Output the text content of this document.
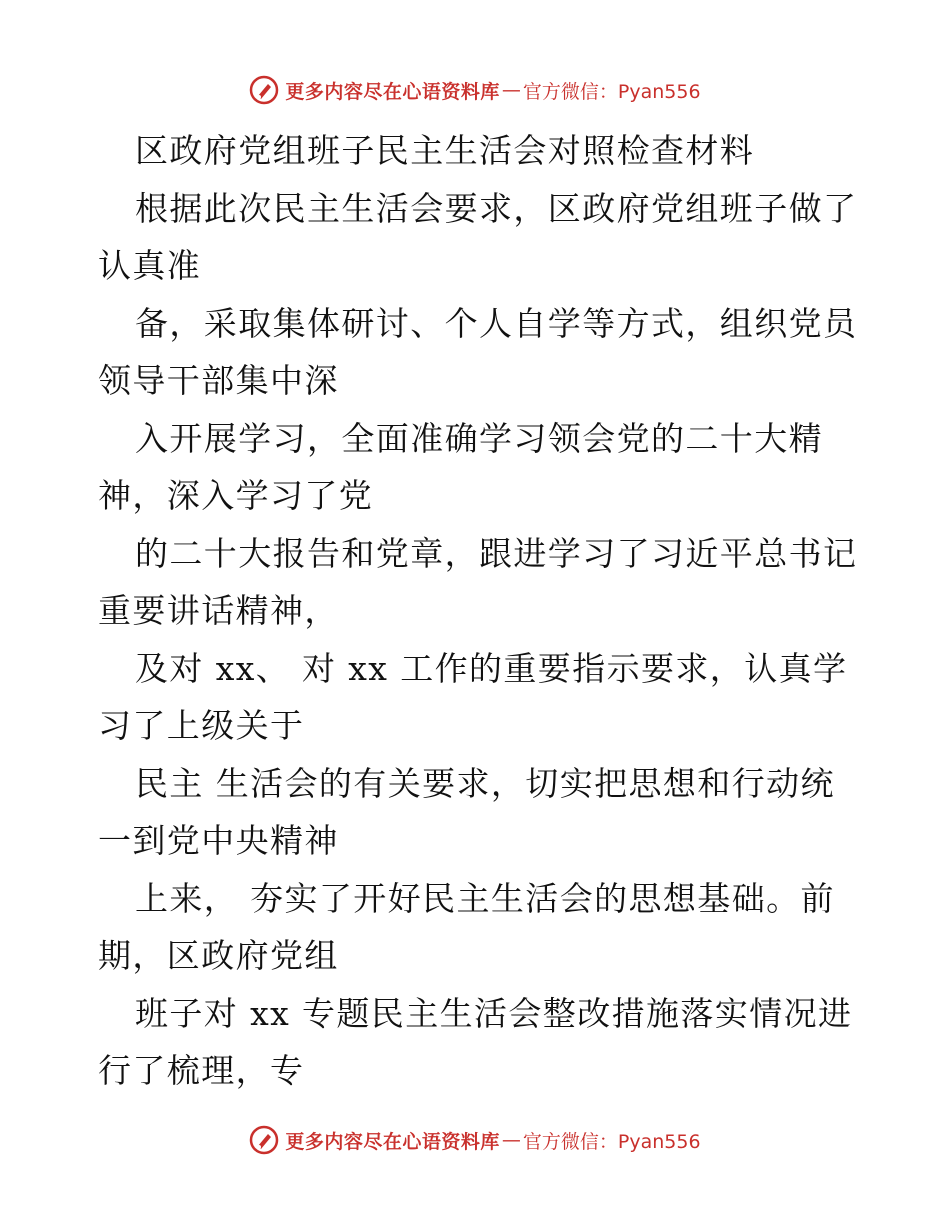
更多内容尽在心语资料库 — 官方微信：Pyan556
区政府党组班子民主生活会对照检查材料
根据此次民主生活会要求，区政府党组班子做了
认真准
备，采取集体研讨、个人自学等方式，组织党员
领导干部集中深
入开展学习，全面准确学习领会党的二十大精
神，深入学习了党
的二十大报告和党章，跟进学习了习近平总书记
重要讲话精神，
及对 xx、 对 xx 工作的重要指示要求，认真学
习了上级关于
民主 生活会的有关要求，切实把思想和行动统
一到党中央精神
上来， 夯实了开好民主生活会的思想基础。前
期，区政府党组
班子对 xx 专题民主生活会整改措施落实情况进
行了梳理，专
更多内容尽在心语资料库 — 官方微信：Pyan556
